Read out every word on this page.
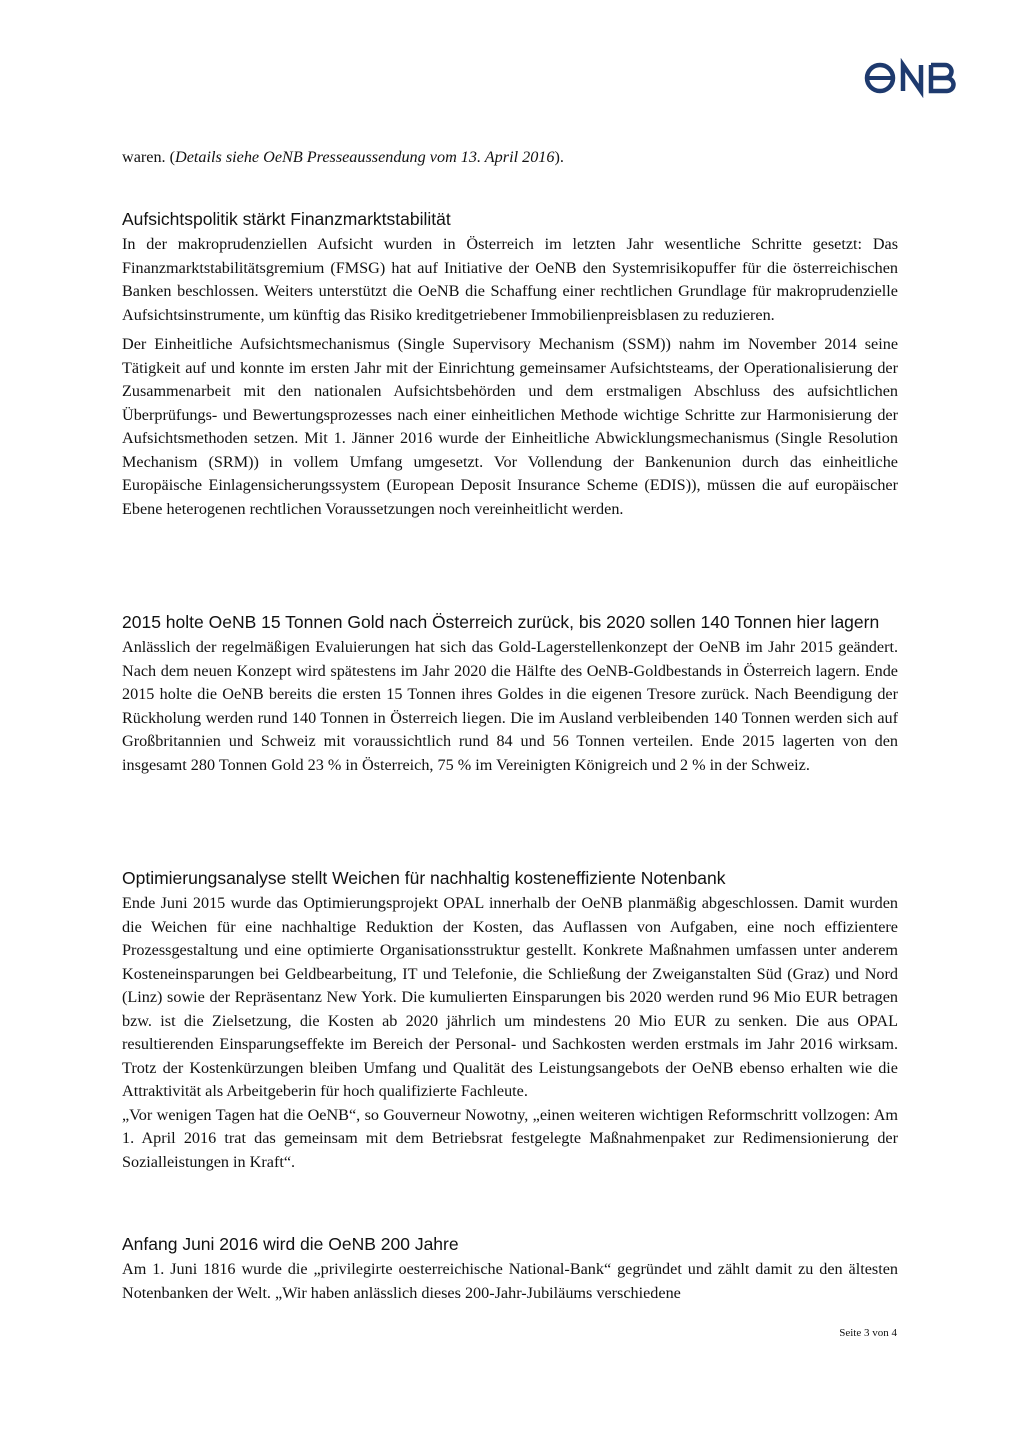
waren. (Details siehe OeNB Presseaussendung vom 13. April 2016).

Aufsichtspolitik stärkt Finanzmarktstabilität

In der makroprudenziellen Aufsicht wurden in Österreich im letzten Jahr wesentliche Schritte gesetzt: Das Finanzmarktstabilitätsgremium (FMSG) hat auf Initiative der OeNB den Systemrisikopuffer für die österreichischen Banken beschlossen. Weiters unterstützt die OeNB die Schaffung einer rechtlichen Grundlage für makroprudenzielle Aufsichtsinstrumente, um künftig das Risiko kreditgetriebener Immobilienpreisblasen zu reduzieren.

Der Einheitliche Aufsichtsmechanismus (Single Supervisory Mechanism (SSM)) nahm im November 2014 seine Tätigkeit auf und konnte im ersten Jahr mit der Einrichtung gemeinsamer Aufsichtsteams, der Operationalisierung der Zusammenarbeit mit den nationalen Aufsichtsbehörden und dem erstmaligen Abschluss des aufsichtlichen Überprüfungs- und Bewertungsprozesses nach einer einheitlichen Methode wichtige Schritte zur Harmonisierung der Aufsichtsmethoden setzen. Mit 1. Jänner 2016 wurde der Einheitliche Abwicklungsmechanismus (Single Resolution Mechanism (SRM)) in vollem Umfang umgesetzt. Vor Vollendung der Bankenunion durch das einheitliche Europäische Einlagensicherungssystem (European Deposit Insurance Scheme (EDIS)), müssen die auf europäischer Ebene heterogenen rechtlichen Voraussetzungen noch vereinheitlicht werden.

2015 holte OeNB 15 Tonnen Gold nach Österreich zurück, bis 2020 sollen 140 Tonnen hier lagern

Anlässlich der regelmäßigen Evaluierungen hat sich das Gold-Lagerstellenkonzept der OeNB im Jahr 2015 geändert. Nach dem neuen Konzept wird spätestens im Jahr 2020 die Hälfte des OeNB-Goldbestands in Österreich lagern. Ende 2015 holte die OeNB bereits die ersten 15 Tonnen ihres Goldes in die eigenen Tresore zurück. Nach Beendigung der Rückholung werden rund 140 Tonnen in Österreich liegen. Die im Ausland verbleibenden 140 Tonnen werden sich auf Großbritannien und Schweiz mit voraussichtlich rund 84 und 56 Tonnen verteilen. Ende 2015 lagerten von den insgesamt 280 Tonnen Gold 23 % in Österreich, 75 % im Vereinigten Königreich und 2 % in der Schweiz.

Optimierungsanalyse stellt Weichen für nachhaltig kosteneffiziente Notenbank

Ende Juni 2015 wurde das Optimierungsprojekt OPAL innerhalb der OeNB planmäßig abgeschlossen. Damit wurden die Weichen für eine nachhaltige Reduktion der Kosten, das Auflassen von Aufgaben, eine noch effizientere Prozessgestaltung und eine optimierte Organisationsstruktur gestellt. Konkrete Maßnahmen umfassen unter anderem Kosteneinsparungen bei Geldbearbeitung, IT und Telefonie, die Schließung der Zweiganstalten Süd (Graz) und Nord (Linz) sowie der Repräsentanz New York. Die kumulierten Einsparungen bis 2020 werden rund 96 Mio EUR betragen bzw. ist die Zielsetzung, die Kosten ab 2020 jährlich um mindestens 20 Mio EUR zu senken. Die aus OPAL resultierenden Einsparungseffekte im Bereich der Personal- und Sachkosten werden erstmals im Jahr 2016 wirksam. Trotz der Kostenkürzungen bleiben Umfang und Qualität des Leistungsangebots der OeNB ebenso erhalten wie die Attraktivität als Arbeitgeberin für hoch qualifizierte Fachleute.

„Vor wenigen Tagen hat die OeNB“, so Gouverneur Nowotny, „einen weiteren wichtigen Reformschritt vollzogen: Am 1. April 2016 trat das gemeinsam mit dem Betriebsrat festgelegte Maßnahmenpaket zur Redimensionierung der Sozialleistungen in Kraft“.

Anfang Juni 2016 wird die OeNB 200 Jahre

Am 1. Juni 1816 wurde die „privilegirte oesterreichische National-Bank“ gegründet und zählt damit zu den ältesten Notenbanken der Welt. „Wir haben anlässlich dieses 200-Jahr-Jubiläums verschiedene

Seite 3 von 4
